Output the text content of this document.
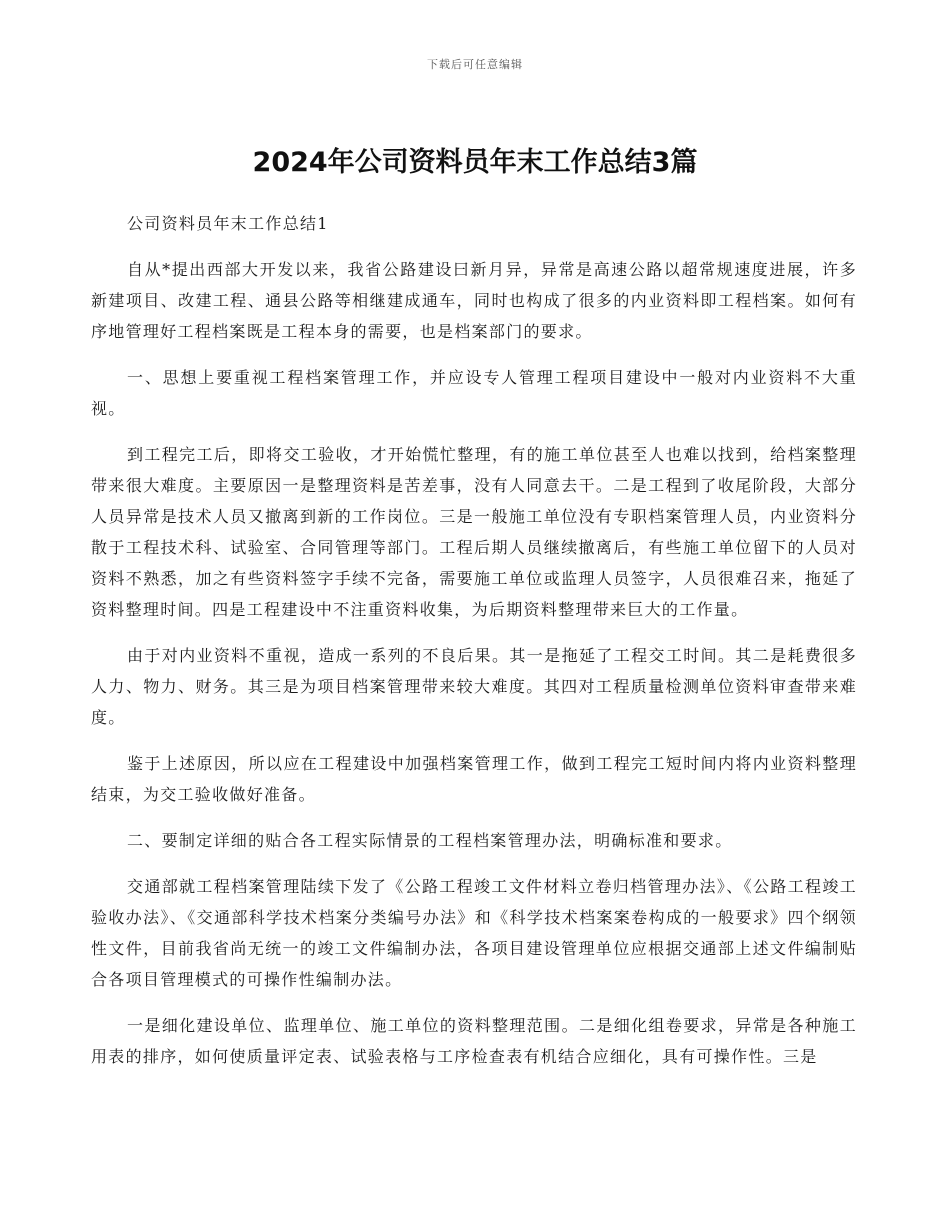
下载后可任意编辑
2024年公司资料员年末工作总结3篇

公司资料员年末工作总结1

自从*提出西部大开发以来，我省公路建设曰新月异，异常是高速公路以超常规速度进展，许多新建项目、改建工程、通县公路等相继建成通车，同时也构成了很多的内业资料即工程档案。如何有序地管理好工程档案既是工程本身的需要，也是档案部门的要求。

一、思想上要重视工程档案管理工作，并应设专人管理工程项目建设中一般对内业资料不大重视。

到工程完工后，即将交工验收，才开始慌忙整理，有的施工单位甚至人也难以找到，给档案整理带来很大难度。主要原因一是整理资料是苦差事，没有人同意去干。二是工程到了收尾阶段，大部分人员异常是技术人员又撤离到新的工作岗位。三是一般施工单位没有专职档案管理人员，内业资料分散于工程技术科、试验室、合同管理等部门。工程后期人员继续撤离后，有些施工单位留下的人员对资料不熟悉，加之有些资料签字手续不完备，需要施工单位或监理人员签字，人员很难召来，拖延了资料整理时间。四是工程建设中不注重资料收集，为后期资料整理带来巨大的工作量。

由于对内业资料不重视，造成一系列的不良后果。其一是拖延了工程交工时间。其二是耗费很多人力、物力、财务。其三是为项目档案管理带来较大难度。其四对工程质量检测单位资料审查带来难度。

鉴于上述原因，所以应在工程建设中加强档案管理工作，做到工程完工短时间内将内业资料整理结束，为交工验收做好准备。

二、要制定详细的贴合各工程实际情景的工程档案管理办法，明确标准和要求。

交通部就工程档案管理陆续下发了《公路工程竣工文件材料立卷归档管理办法》、《公路工程竣工验收办法》、《交通部科学技术档案分类编号办法》和《科学技术档案案卷构成的一般要求》四个纲领性文件，目前我省尚无统一的竣工文件编制办法，各项目建设管理单位应根据交通部上述文件编制贴合各项目管理模式的可操作性编制办法。

一是细化建设单位、监理单位、施工单位的资料整理范围。二是细化组卷要求，异常是各种施工用表的排序，如何使质量评定表、试验表格与工序检查表有机结合应细化，具有可操作性。三是
